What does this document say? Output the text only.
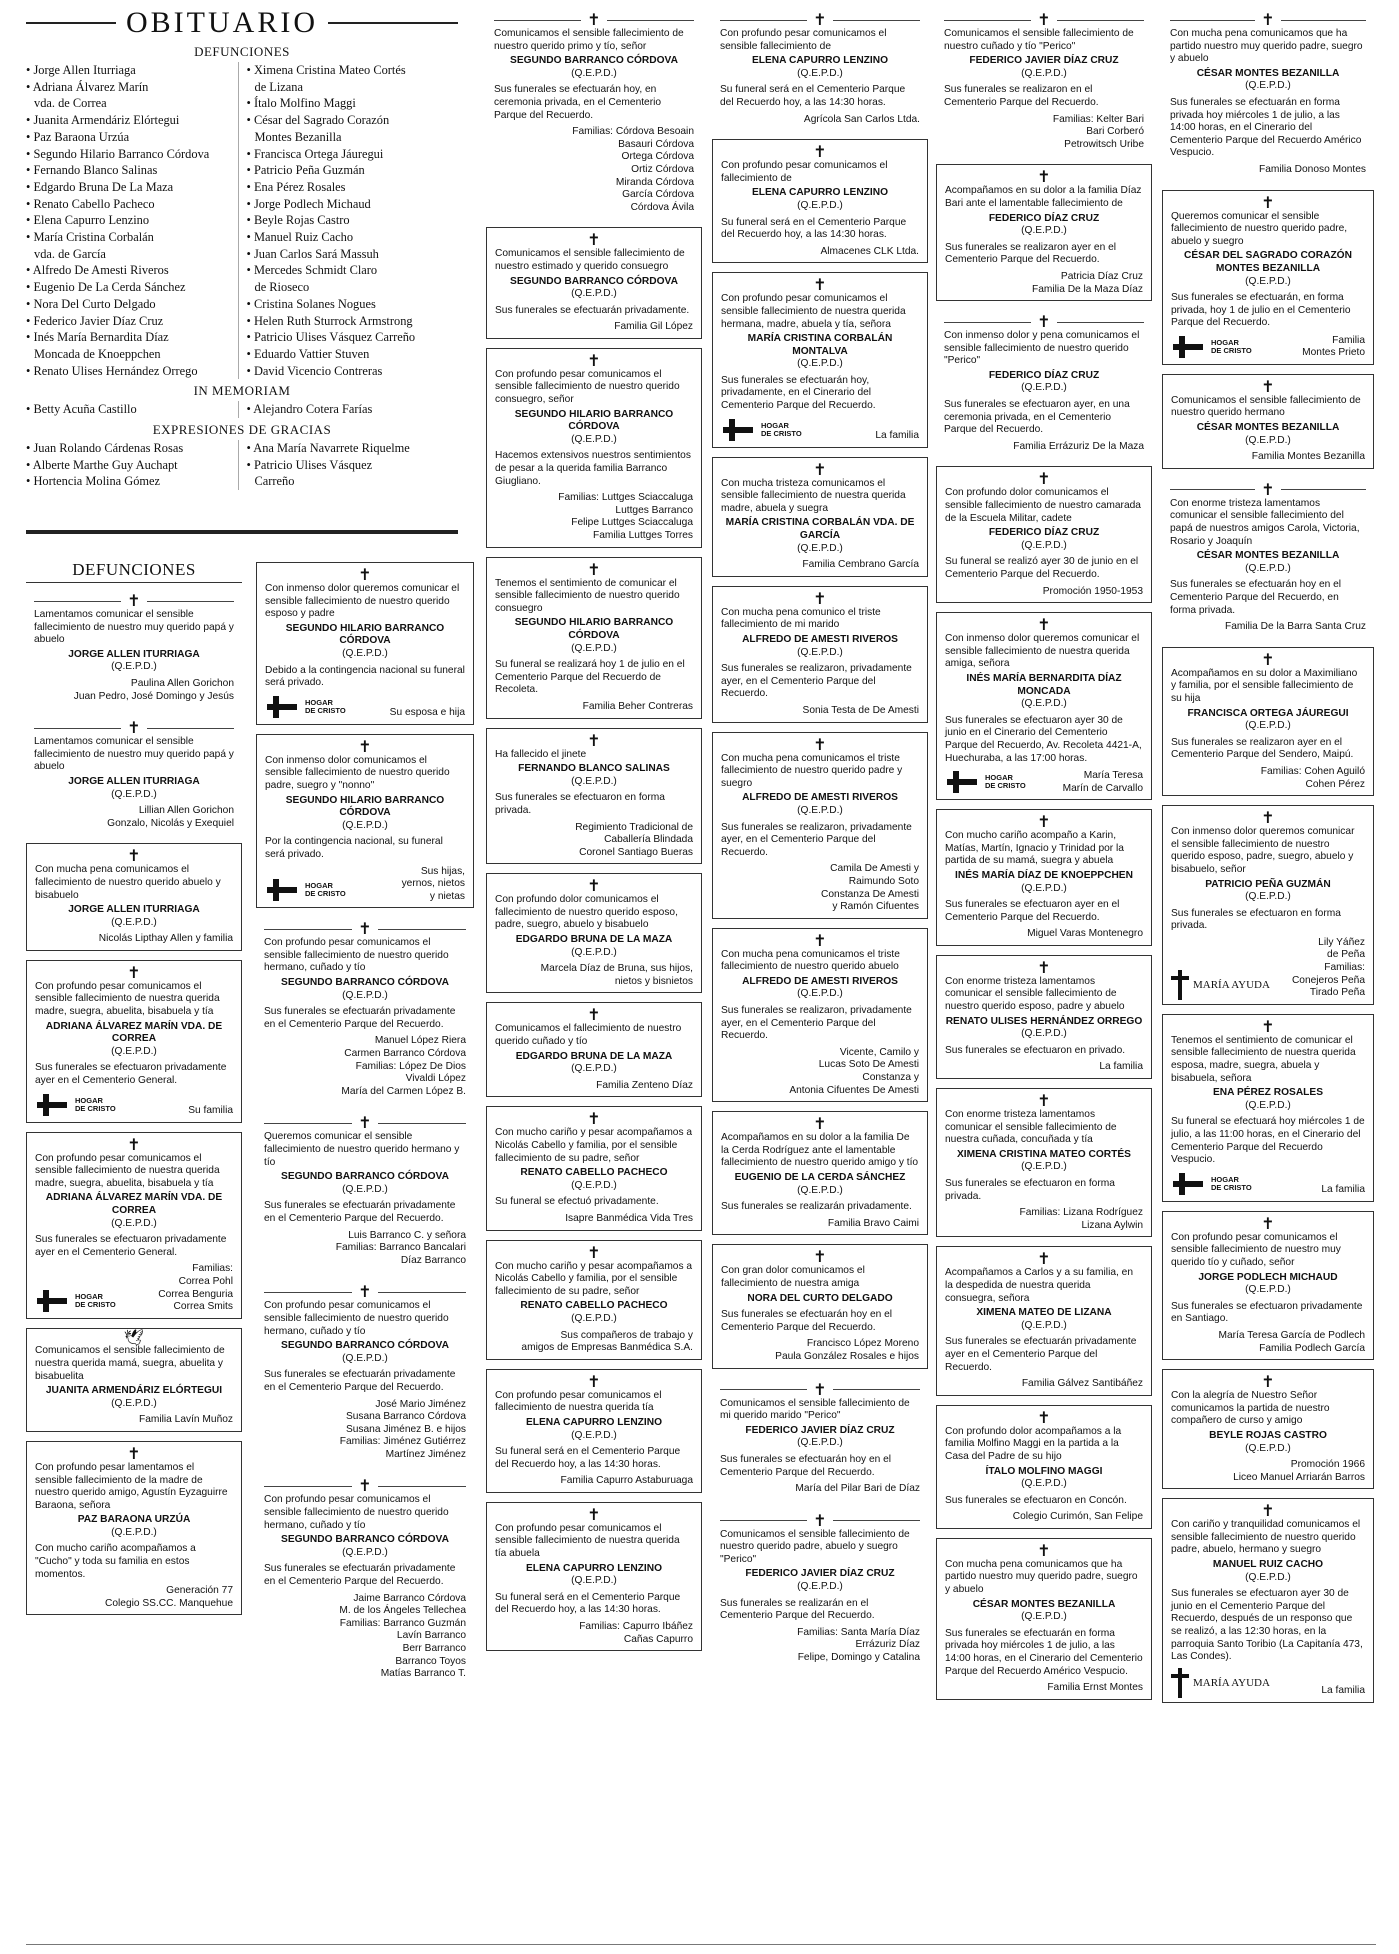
OBITUARIO
DEFUNCIONES
• Jorge Allen Iturriaga
• Adriana Álvarez Marín
vda. de Correa
• Juanita Armendáriz Elórtegui
• Paz Baraona Urzúa
• Segundo Hilario Barranco Córdova
• Fernando Blanco Salinas
• Edgardo Bruna De La Maza
• Renato Cabello Pacheco
• Elena Capurro Lenzino
• María Cristina Corbalán
vda. de García
• Alfredo De Amesti Riveros
• Eugenio De La Cerda Sánchez
• Nora Del Curto Delgado
• Federico Javier Díaz Cruz
• Inés María Bernardita Díaz
Moncada de Knoeppchen
• Renato Ulises Hernández Orrego
• Ximena Cristina Mateo Cortés
de Lizana
• Ítalo Molfino Maggi
• César del Sagrado Corazón
Montes Bezanilla
• Francisca Ortega Jáuregui
• Patricio Peña Guzmán
• Ena Pérez Rosales
• Jorge Podlech Michaud
• Beyle Rojas Castro
• Manuel Ruiz Cacho
• Juan Carlos Sará Massuh
• Mercedes Schmidt Claro
de Rioseco
• Cristina Solanes Nogues
• Helen Ruth Sturrock Armstrong
• Patricio Ulises Vásquez Carreño
• Eduardo Vattier Stuven
• David Vicencio Contreras
IN MEMORIAM
• Betty Acuña Castillo	• Alejandro Cotera Farías
EXPRESIONES DE GRACIAS
• Juan Rolando Cárdenas Rosas
• Alberte Marthe Guy Auchapt
• Hortencia Molina Gómez
• Ana María Navarrete Riquelme
• Patricio Ulises Vásquez
Carreño
DEFUNCIONES
✝
Lamentamos comunicar el sensible fallecimiento de nuestro muy querido papá y abuelo
JORGE ALLEN ITURRIAGA
(Q.E.P.D.)
Paulina Allen Gorichon
Juan Pedro, José Domingo y Jesús
✝
Lamentamos comunicar el sensible fallecimiento de nuestro muy querido papá y abuelo
JORGE ALLEN ITURRIAGA
(Q.E.P.D.)
Lillian Allen Gorichon
Gonzalo, Nicolás y Exequiel
✝
Con mucha pena comunicamos el fallecimiento de nuestro querido abuelo y bisabuelo
JORGE ALLEN ITURRIAGA
(Q.E.P.D.)
Nicolás Lipthay Allen y familia
✝
Con profundo pesar comunicamos el sensible fallecimiento de nuestra querida madre, suegra, abuelita, bisabuela y tía
ADRIANA ÁLVAREZ MARÍN VDA. DE CORREA
(Q.E.P.D.)
Sus funerales se efectuaron privadamente ayer en el Cementerio General.
HOGAR
DE CRISTO	Su familia
✝
Con profundo pesar comunicamos el sensible fallecimiento de nuestra querida madre, suegra, abuelita, bisabuela y tía
ADRIANA ÁLVAREZ MARÍN VDA. DE CORREA
(Q.E.P.D.)
Sus funerales se efectuaron privadamente ayer en el Cementerio General.
HOGAR
DE CRISTO
Familias:
Correa Pohl
Correa Benguria
Correa Smits
🕊
Comunicamos el sensible fallecimiento de nuestra querida mamá, suegra, abuelita y bisabuelita
JUANITA ARMENDÁRIZ ELÓRTEGUI
(Q.E.P.D.)
Familia Lavín Muñoz
✝
Con profundo pesar lamentamos el sensible fallecimiento de la madre de nuestro querido amigo, Agustín Eyzaguirre Baraona, señora
PAZ BARAONA URZÚA
(Q.E.P.D.)
Con mucho cariño acompañamos a "Cucho" y toda su familia en estos momentos.
Generación 77
Colegio SS.CC. Manquehue
✝
Con inmenso dolor queremos comunicar el sensible fallecimiento de nuestro querido esposo y padre
SEGUNDO HILARIO BARRANCO CÓRDOVA
(Q.E.P.D.)
Debido a la contingencia nacional su funeral será privado.
HOGAR
DE CRISTO	Su esposa e hija
✝
Con inmenso dolor comunicamos el sensible fallecimiento de nuestro querido padre, suegro y "nonno"
SEGUNDO HILARIO BARRANCO CÓRDOVA
(Q.E.P.D.)
Por la contingencia nacional, su funeral será privado.
HOGAR
DE CRISTO
Sus hijas,
yernos, nietos
y nietas
✝
Con profundo pesar comunicamos el sensible fallecimiento de nuestro querido hermano, cuñado y tío
SEGUNDO BARRANCO CÓRDOVA
(Q.E.P.D.)
Sus funerales se efectuarán privadamente en el Cementerio Parque del Recuerdo.
Manuel López Riera
Carmen Barranco Córdova
Familias: López De Dios
Vivaldi López
María del Carmen López B.
✝
Queremos comunicar el sensible fallecimiento de nuestro querido hermano y tío
SEGUNDO BARRANCO CÓRDOVA
(Q.E.P.D.)
Sus funerales se efectuarán privadamente en el Cementerio Parque del Recuerdo.
Luis Barranco C. y señora
Familias: Barranco Bancalari
Díaz Barranco
✝
Con profundo pesar comunicamos el sensible fallecimiento de nuestro querido hermano, cuñado y tío
SEGUNDO BARRANCO CÓRDOVA
(Q.E.P.D.)
Sus funerales se efectuarán privadamente en el Cementerio Parque del Recuerdo.
José Mario Jiménez
Susana Barranco Córdova
Susana Jiménez B. e hijos
Familias: Jiménez Gutiérrez
Martínez Jiménez
✝
Con profundo pesar comunicamos el sensible fallecimiento de nuestro querido hermano, cuñado y tío
SEGUNDO BARRANCO CÓRDOVA
(Q.E.P.D.)
Sus funerales se efectuarán privadamente en el Cementerio Parque del Recuerdo.
Jaime Barranco Córdova
M. de los Ángeles Tellechea
Familias: Barranco Guzmán
Lavín Barranco
Berr Barranco
Barranco Toyos
Matías Barranco T.
✝
Comunicamos el sensible fallecimiento de nuestro querido primo y tío, señor
SEGUNDO BARRANCO CÓRDOVA
(Q.E.P.D.)
Sus funerales se efectuarán hoy, en ceremonia privada, en el Cementerio Parque del Recuerdo.
Familias: Córdova Besoain
Basauri Córdova
Ortega Córdova
Ortiz Córdova
Miranda Córdova
García Córdova
Córdova Ávila
✝
Comunicamos el sensible fallecimiento de nuestro estimado y querido consuegro
SEGUNDO BARRANCO CÓRDOVA
(Q.E.P.D.)
Sus funerales se efectuarán privadamente.
Familia Gil López
✝
Con profundo pesar comunicamos el sensible fallecimiento de nuestro querido consuegro, señor
SEGUNDO HILARIO BARRANCO CÓRDOVA
(Q.E.P.D.)
Hacemos extensivos nuestros sentimientos de pesar a la querida familia Barranco Giugliano.
Familias: Luttges Sciaccaluga
Luttges Barranco
Felipe Luttges Sciaccaluga
Familia Luttges Torres
✝
Tenemos el sentimiento de comunicar el sensible fallecimiento de nuestro querido consuegro
SEGUNDO HILARIO BARRANCO CÓRDOVA
(Q.E.P.D.)
Su funeral se realizará hoy 1 de julio en el Cementerio Parque del Recuerdo de Recoleta.
Familia Beher Contreras
✝
Ha fallecido el jinete
FERNANDO BLANCO SALINAS
(Q.E.P.D.)
Sus funerales se efectuaron en forma privada.
Regimiento Tradicional de
Caballería Blindada
Coronel Santiago Bueras
✝
Con profundo dolor comunicamos el fallecimiento de nuestro querido esposo, padre, suegro, abuelo y bisabuelo
EDGARDO BRUNA DE LA MAZA
(Q.E.P.D.)
Marcela Díaz de Bruna, sus hijos,
nietos y bisnietos
✝
Comunicamos el fallecimiento de nuestro querido cuñado y tío
EDGARDO BRUNA DE LA MAZA
(Q.E.P.D.)
Familia Zenteno Díaz
✝
Con mucho cariño y pesar acompañamos a Nicolás Cabello y familia, por el sensible fallecimiento de su padre, señor
RENATO CABELLO PACHECO
(Q.E.P.D.)
Su funeral se efectuó privadamente.
Isapre Banmédica Vida Tres
✝
Con mucho cariño y pesar acompañamos a Nicolás Cabello y familia, por el sensible fallecimiento de su padre, señor
RENATO CABELLO PACHECO
(Q.E.P.D.)
Sus compañeros de trabajo y
amigos de Empresas Banmédica S.A.
✝
Con profundo pesar comunicamos el fallecimiento de nuestra querida tía
ELENA CAPURRO LENZINO
(Q.E.P.D.)
Su funeral será en el Cementerio Parque del Recuerdo hoy, a las 14:30 horas.
Familia Capurro Astaburuaga
✝
Con profundo pesar comunicamos el sensible fallecimiento de nuestra querida tía abuela
ELENA CAPURRO LENZINO
(Q.E.P.D.)
Su funeral será en el Cementerio Parque del Recuerdo hoy, a las 14:30 horas.
Familias: Capurro Ibáñez
Cañas Capurro
✝
Con profundo pesar comunicamos el sensible fallecimiento de
ELENA CAPURRO LENZINO
(Q.E.P.D.)
Su funeral será en el Cementerio Parque del Recuerdo hoy, a las 14:30 horas.
Agrícola San Carlos Ltda.
✝
Con profundo pesar comunicamos el fallecimiento de
ELENA CAPURRO LENZINO
(Q.E.P.D.)
Su funeral será en el Cementerio Parque del Recuerdo hoy, a las 14:30 horas.
Almacenes CLK Ltda.
✝
Con profundo pesar comunicamos el sensible fallecimiento de nuestra querida hermana, madre, abuela y tía, señora
MARÍA CRISTINA CORBALÁN MONTALVA
(Q.E.P.D.)
Sus funerales se efectuarán hoy, privadamente, en el Cinerario del Cementerio Parque del Recuerdo.
HOGAR
DE CRISTO	La familia
✝
Con mucha tristeza comunicamos el sensible fallecimiento de nuestra querida madre, abuela y suegra
MARÍA CRISTINA CORBALÁN VDA. DE GARCÍA
(Q.E.P.D.)
Familia Cembrano García
✝
Con mucha pena comunico el triste fallecimiento de mi marido
ALFREDO DE AMESTI RIVEROS
(Q.E.P.D.)
Sus funerales se realizaron, privadamente ayer, en el Cementerio Parque del Recuerdo.
Sonia Testa de De Amesti
✝
Con mucha pena comunicamos el triste fallecimiento de nuestro querido padre y suegro
ALFREDO DE AMESTI RIVEROS
(Q.E.P.D.)
Sus funerales se realizaron, privadamente ayer, en el Cementerio Parque del Recuerdo.
Camila De Amesti y
Raimundo Soto
Constanza De Amesti
y Ramón Cifuentes
✝
Con mucha pena comunicamos el triste fallecimiento de nuestro querido abuelo
ALFREDO DE AMESTI RIVEROS
(Q.E.P.D.)
Sus funerales se realizaron, privadamente ayer, en el Cementerio Parque del Recuerdo.
Vicente, Camilo y
Lucas Soto De Amesti
Constanza y
Antonia Cifuentes De Amesti
✝
Acompañamos en su dolor a la familia De la Cerda Rodríguez ante el lamentable fallecimiento de nuestro querido amigo y tío
EUGENIO DE LA CERDA SÁNCHEZ
(Q.E.P.D.)
Sus funerales se realizarán privadamente.
Familia Bravo Caimi
✝
Con gran dolor comunicamos el fallecimiento de nuestra amiga
NORA DEL CURTO DELGADO
Sus funerales se efectuarán hoy en el Cementerio Parque del Recuerdo.
Francisco López Moreno
Paula González Rosales e hijos
✝
Comunicamos el sensible fallecimiento de mi querido marido "Perico"
FEDERICO JAVIER DÍAZ CRUZ
(Q.E.P.D.)
Sus funerales se efectuarán hoy en el Cementerio Parque del Recuerdo.
María del Pilar Bari de Díaz
✝
Comunicamos el sensible fallecimiento de nuestro querido padre, abuelo y suegro "Perico"
FEDERICO JAVIER DÍAZ CRUZ
(Q.E.P.D.)
Sus funerales se realizarán en el Cementerio Parque del Recuerdo.
Familias: Santa María Díaz
Errázuriz Díaz
Felipe, Domingo y Catalina
✝
Comunicamos el sensible fallecimiento de nuestro cuñado y tío "Perico"
FEDERICO JAVIER DÍAZ CRUZ
(Q.E.P.D.)
Sus funerales se realizaron en el Cementerio Parque del Recuerdo.
Familias: Kelter Bari
Bari Corberó
Petrowitsch Uribe
✝
Acompañamos en su dolor a la familia Díaz Bari ante el lamentable fallecimiento de
FEDERICO DÍAZ CRUZ
(Q.E.P.D.)
Sus funerales se realizaron ayer en el Cementerio Parque del Recuerdo.
Patricia Díaz Cruz
Familia De la Maza Díaz
✝
Con inmenso dolor y pena comunicamos el sensible fallecimiento de nuestro querido "Perico"
FEDERICO DÍAZ CRUZ
(Q.E.P.D.)
Sus funerales se efectuaron ayer, en una ceremonia privada, en el Cementerio Parque del Recuerdo.
Familia Errázuriz De la Maza
✝
Con profundo dolor comunicamos el sensible fallecimiento de nuestro camarada de la Escuela Militar, cadete
FEDERICO DÍAZ CRUZ
(Q.E.P.D.)
Su funeral se realizó ayer 30 de junio en el Cementerio Parque del Recuerdo.
Promoción 1950-1953
✝
Con inmenso dolor queremos comunicar el sensible fallecimiento de nuestra querida amiga, señora
INÉS MARÍA BERNARDITA DÍAZ MONCADA
(Q.E.P.D.)
Sus funerales se efectuaron ayer 30 de junio en el Cinerario del Cementerio Parque del Recuerdo, Av. Recoleta 4421-A, Huechuraba, a las 17:00 horas.
HOGAR
DE CRISTO
María Teresa
Marín de Carvallo
✝
Con mucho cariño acompaño a Karin, Matías, Martín, Ignacio y Trinidad por la partida de su mamá, suegra y abuela
INÉS MARÍA DÍAZ DE KNOEPPCHEN
(Q.E.P.D.)
Sus funerales se efectuaron ayer en el Cementerio Parque del Recuerdo.
Miguel Varas Montenegro
✝
Con enorme tristeza lamentamos comunicar el sensible fallecimiento de nuestro querido esposo, padre y abuelo
RENATO ULISES HERNÁNDEZ ORREGO
(Q.E.P.D.)
Sus funerales se efectuaron en privado.
La familia
✝
Con enorme tristeza lamentamos comunicar el sensible fallecimiento de nuestra cuñada, concuñada y tía
XIMENA CRISTINA MATEO CORTÉS
(Q.E.P.D.)
Sus funerales se efectuaron en forma privada.
Familias: Lizana Rodríguez
Lizana Aylwin
✝
Acompañamos a Carlos y a su familia, en la despedida de nuestra querida consuegra, señora
XIMENA MATEO DE LIZANA
(Q.E.P.D.)
Sus funerales se efectuarán privadamente ayer en el Cementerio Parque del Recuerdo.
Familia Gálvez Santibáñez
✝
Con profundo dolor acompañamos a la familia Molfino Maggi en la partida a la Casa del Padre de su hijo
ÍTALO MOLFINO MAGGI
(Q.E.P.D.)
Sus funerales se efectuaron en Concón.
Colegio Curimón, San Felipe
✝
Con mucha pena comunicamos que ha partido nuestro muy querido padre, suegro y abuelo
CÉSAR MONTES BEZANILLA
(Q.E.P.D.)
Sus funerales se efectuarán en forma privada hoy miércoles 1 de julio, a las 14:00 horas, en el Cinerario del Cementerio Parque del Recuerdo Américo Vespucio.
Familia Ernst Montes
✝
Con mucha pena comunicamos que ha partido nuestro muy querido padre, suegro y abuelo
CÉSAR MONTES BEZANILLA
(Q.E.P.D.)
Sus funerales se efectuarán en forma privada hoy miércoles 1 de julio, a las 14:00 horas, en el Cinerario del Cementerio Parque del Recuerdo Américo Vespucio.
Familia Donoso Montes
✝
Queremos comunicar el sensible fallecimiento de nuestro querido padre, abuelo y suegro
CÉSAR DEL SAGRADO CORAZÓN MONTES BEZANILLA
(Q.E.P.D.)
Sus funerales se efectuarán, en forma privada, hoy 1 de julio en el Cementerio Parque del Recuerdo.
HOGAR
DE CRISTO
Familia
Montes Prieto
✝
Comunicamos el sensible fallecimiento de nuestro querido hermano
CÉSAR MONTES BEZANILLA
(Q.E.P.D.)
Familia Montes Bezanilla
✝
Con enorme tristeza lamentamos comunicar el sensible fallecimiento del papá de nuestros amigos Carola, Victoria, Rosario y Joaquín
CÉSAR MONTES BEZANILLA
(Q.E.P.D.)
Sus funerales se efectuarán hoy en el Cementerio Parque del Recuerdo, en forma privada.
Familia De la Barra Santa Cruz
✝
Acompañamos en su dolor a Maximiliano y familia, por el sensible fallecimiento de su hija
FRANCISCA ORTEGA JÁUREGUI
(Q.E.P.D.)
Sus funerales se realizaron ayer en el Cementerio Parque del Sendero, Maipú.
Familias: Cohen Aguiló
Cohen Pérez
✝
Con inmenso dolor queremos comunicar el sensible fallecimiento de nuestro querido esposo, padre, suegro, abuelo y bisabuelo, señor
PATRICIO PEÑA GUZMÁN
(Q.E.P.D.)
Sus funerales se efectuaron en forma privada.
MARÍA AYUDA
Lily Yáñez
de Peña
Familias:
Conejeros Peña
Tirado Peña
✝
Tenemos el sentimiento de comunicar el sensible fallecimiento de nuestra querida esposa, madre, suegra, abuela y bisabuela, señora
ENA PÉREZ ROSALES
(Q.E.P.D.)
Su funeral se efectuará hoy miércoles 1 de julio, a las 11:00 horas, en el Cinerario del Cementerio Parque del Recuerdo Vespucio.
HOGAR
DE CRISTO	La familia
✝
Con profundo pesar comunicamos el sensible fallecimiento de nuestro muy querido tío y cuñado, señor
JORGE PODLECH MICHAUD
(Q.E.P.D.)
Sus funerales se efectuaron privadamente en Santiago.
María Teresa García de Podlech
Familia Podlech García
✝
Con la alegría de Nuestro Señor comunicamos la partida de nuestro compañero de curso y amigo
BEYLE ROJAS CASTRO
(Q.E.P.D.)
Promoción 1966
Liceo Manuel Arriarán Barros
✝
Con cariño y tranquilidad comunicamos el sensible fallecimiento de nuestro querido padre, abuelo, hermano y suegro
MANUEL RUIZ CACHO
(Q.E.P.D.)
Sus funerales se efectuaron ayer 30 de junio en el Cementerio Parque del Recuerdo, después de un responso que se realizó, a las 12:30 horas, en la parroquia Santo Toribio (La Capitanía 473, Las Condes).
MARÍA AYUDA
La familia
